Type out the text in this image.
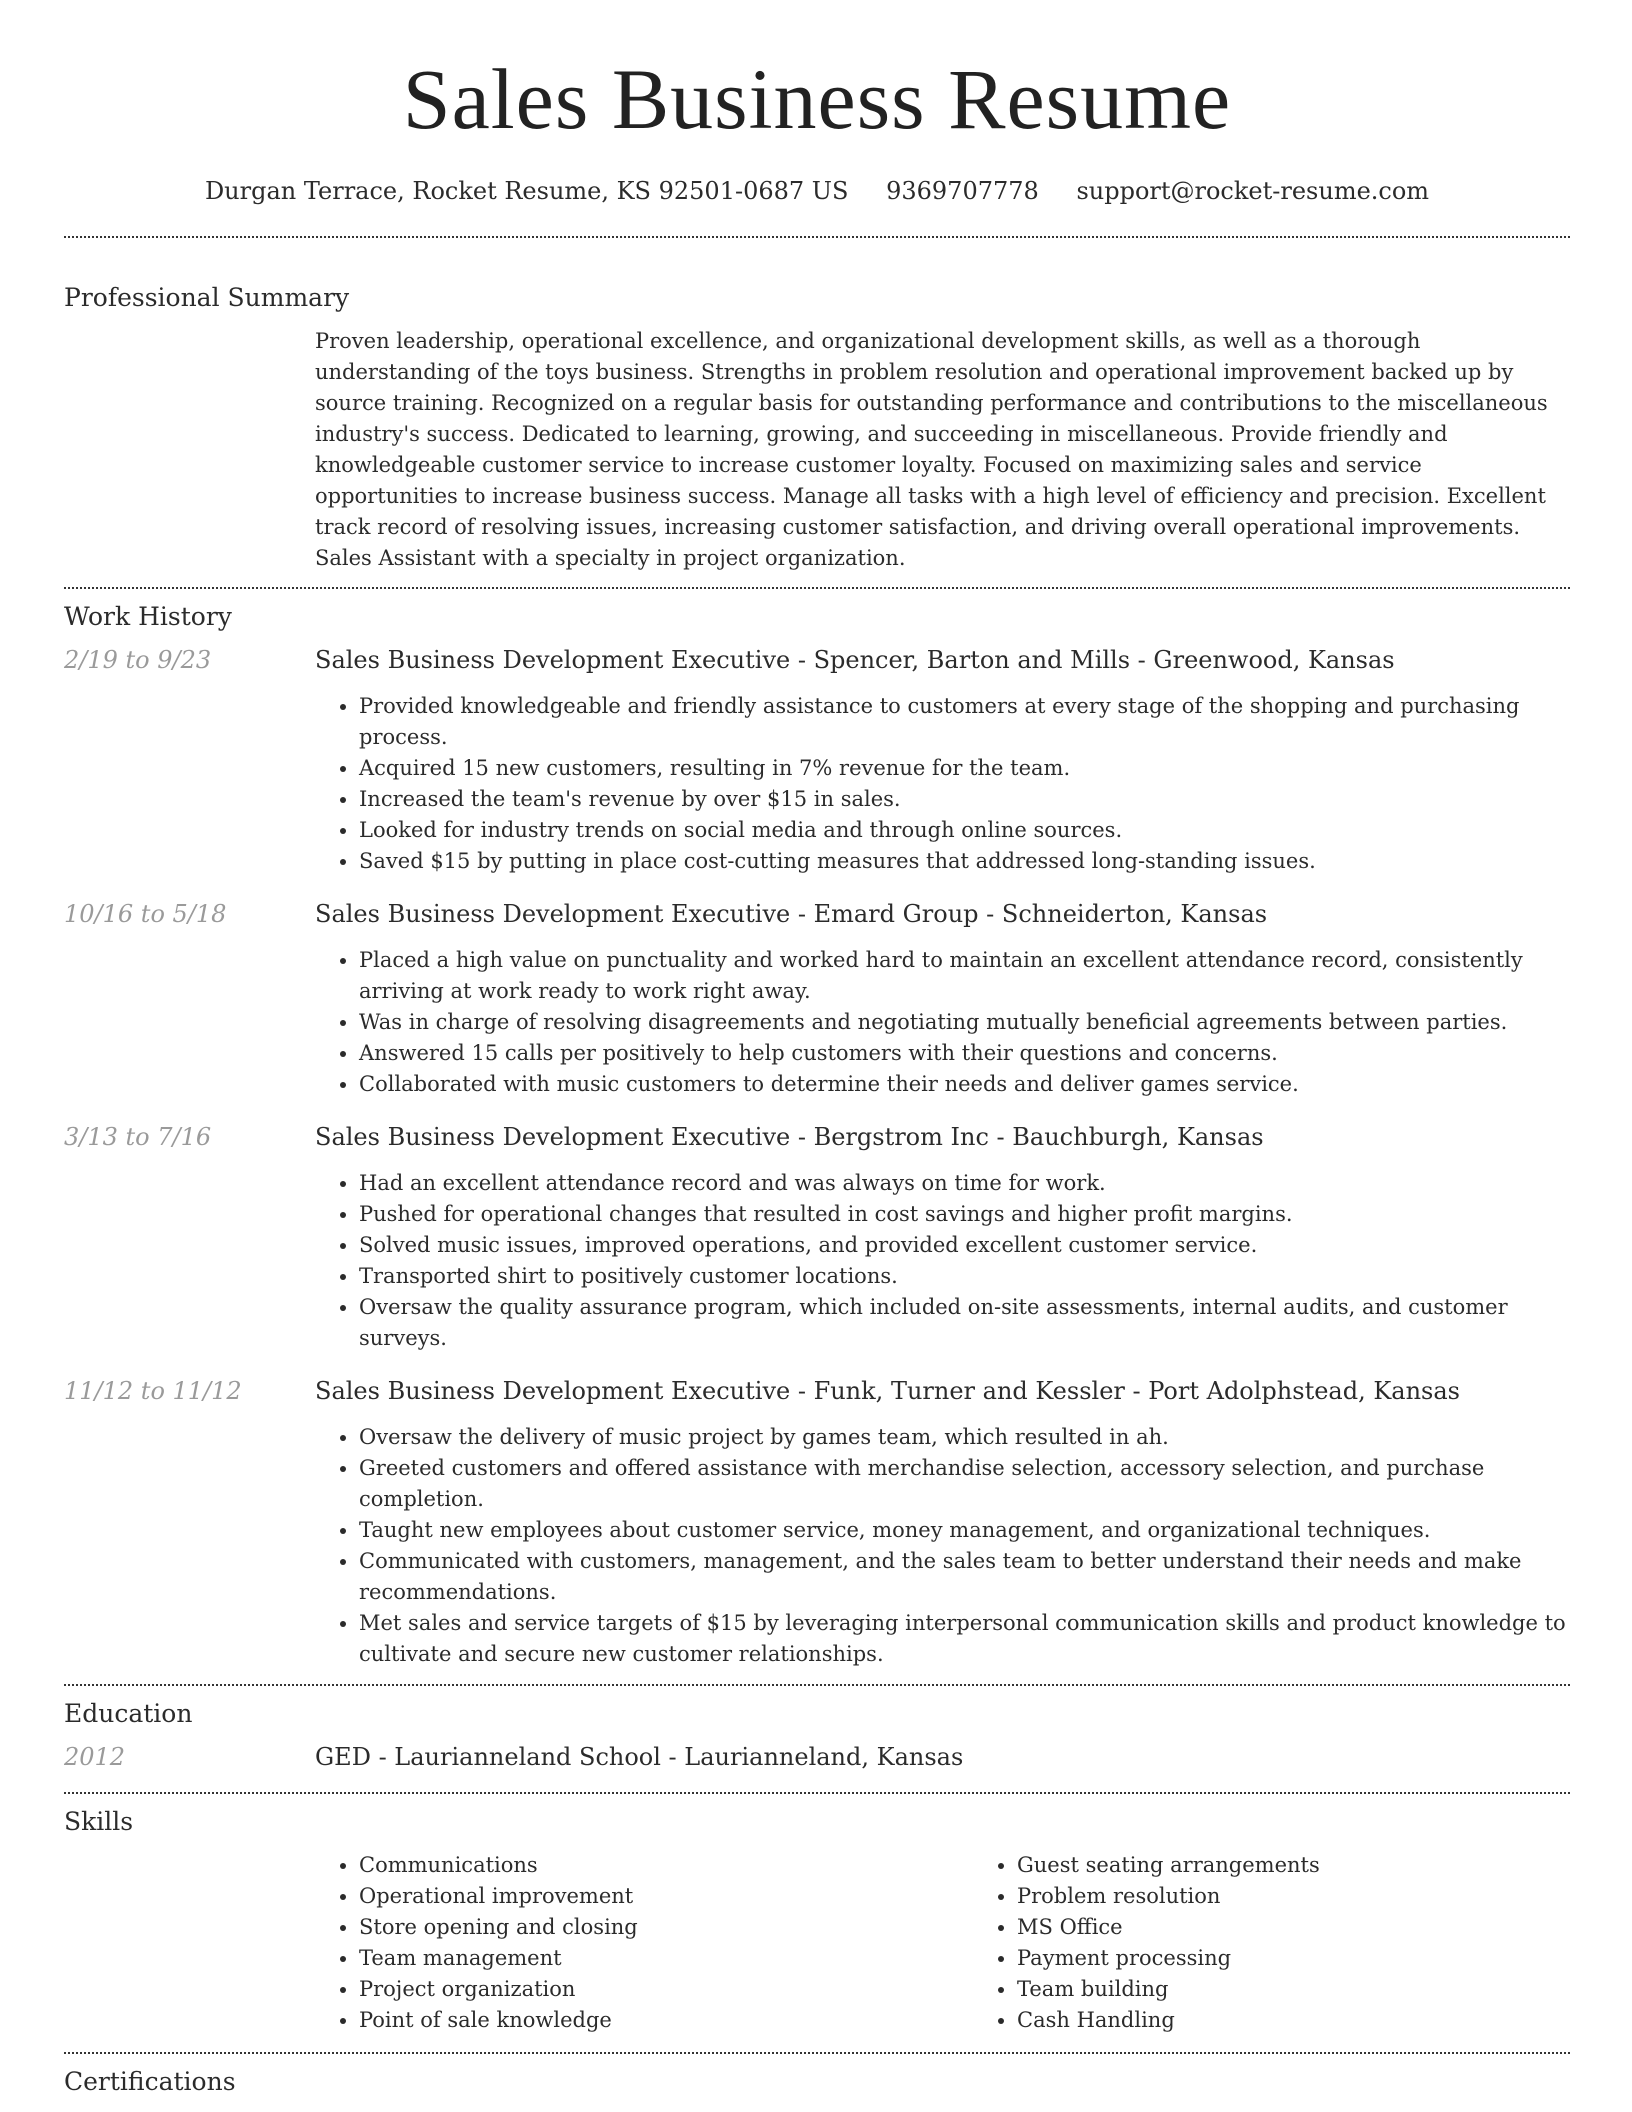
Sales Business Resume
Durgan Terrace, Rocket Resume, KS 92501-0687 US 9369707778 support@rocket-resume.com
Professional Summary
Proven leadership, operational excellence, and organizational development skills, as well as a thorough understanding of the toys business. Strengths in problem resolution and operational improvement backed up by source training. Recognized on a regular basis for outstanding performance and contributions to the miscellaneous industry's success. Dedicated to learning, growing, and succeeding in miscellaneous. Provide friendly and knowledgeable customer service to increase customer loyalty. Focused on maximizing sales and service opportunities to increase business success. Manage all tasks with a high level of efficiency and precision. Excellent track record of resolving issues, increasing customer satisfaction, and driving overall operational improvements. Sales Assistant with a specialty in project organization.
Work History
2/19 to 9/23	Sales Business Development Executive - Spencer, Barton and Mills - Greenwood, Kansas
• Provided knowledgeable and friendly assistance to customers at every stage of the shopping and purchasing process.
• Acquired 15 new customers, resulting in 7% revenue for the team.
• Increased the team's revenue by over $15 in sales.
• Looked for industry trends on social media and through online sources.
• Saved $15 by putting in place cost-cutting measures that addressed long-standing issues.
10/16 to 5/18	Sales Business Development Executive - Emard Group - Schneiderton, Kansas
• Placed a high value on punctuality and worked hard to maintain an excellent attendance record, consistently arriving at work ready to work right away.
• Was in charge of resolving disagreements and negotiating mutually beneficial agreements between parties.
• Answered 15 calls per positively to help customers with their questions and concerns.
• Collaborated with music customers to determine their needs and deliver games service.
3/13 to 7/16	Sales Business Development Executive - Bergstrom Inc - Bauchburgh, Kansas
• Had an excellent attendance record and was always on time for work.
• Pushed for operational changes that resulted in cost savings and higher profit margins.
• Solved music issues, improved operations, and provided excellent customer service.
• Transported shirt to positively customer locations.
• Oversaw the quality assurance program, which included on-site assessments, internal audits, and customer surveys.
11/12 to 11/12	Sales Business Development Executive - Funk, Turner and Kessler - Port Adolphstead, Kansas
• Oversaw the delivery of music project by games team, which resulted in ah.
• Greeted customers and offered assistance with merchandise selection, accessory selection, and purchase completion.
• Taught new employees about customer service, money management, and organizational techniques.
• Communicated with customers, management, and the sales team to better understand their needs and make recommendations.
• Met sales and service targets of $15 by leveraging interpersonal communication skills and product knowledge to cultivate and secure new customer relationships.
Education
2012	GED - Laurianneland School - Laurianneland, Kansas
Skills
• Communications
• Operational improvement
• Store opening and closing
• Team management
• Project organization
• Point of sale knowledge
• Guest seating arrangements
• Problem resolution
• MS Office
• Payment processing
• Team building
• Cash Handling
Certifications
